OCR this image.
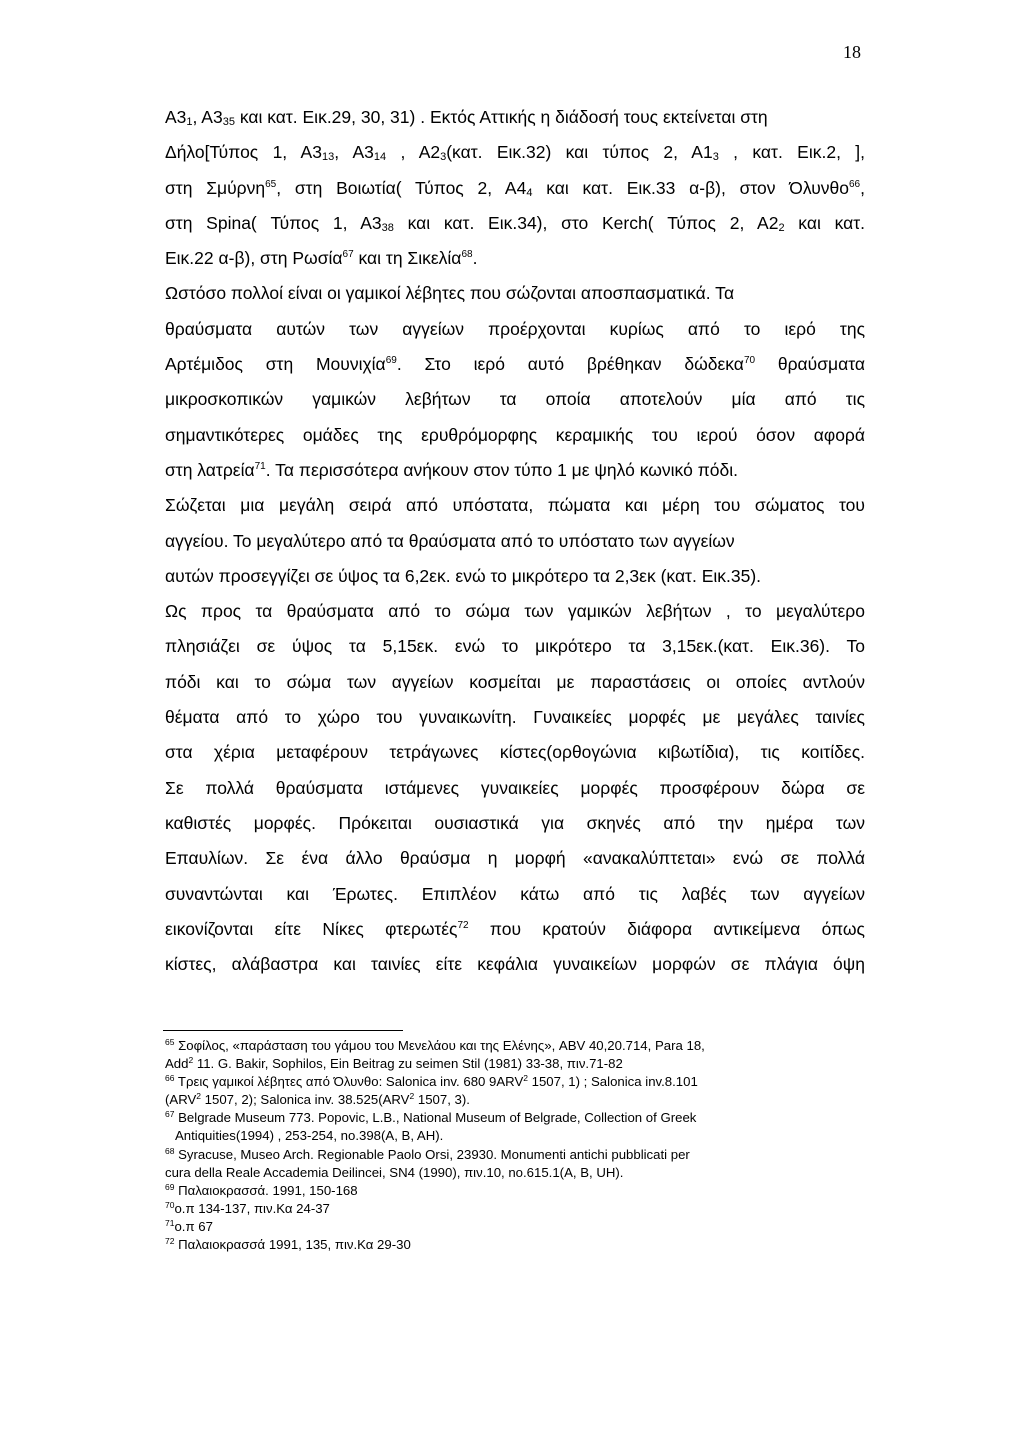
18
$A3_1$, $A3_{35}$ και κατ. Εικ.29, 30, 31) . Εκτός Αττικής η διάδοσή τους εκτείνεται στη
Δήλο[Τύπος 1, $A3_{13}$, $A3_{14}$ , $A2_3(\kappa\alpha\tau$. Εικ.32) και τύπος 2, $A1_3$ , κατ. Εικ.2, ],
στη Σμύρνη$^{65}$, στη Βοιωτία( Τύπος 2, $A4_4$ και κατ. Εικ.33 α-β), στον Όλυνθο$^{66}$,
στη Spina( Τύπος 1, $A3_{38}$ και κατ. Εικ.34), στο Kerch( Τύπος 2, $A2_2$ και κατ.
Εικ.22 α-β), στη Ρωσία$^{67}$ και τη Σικελία$^{68}$.
Ωστόσο πολλοί είναι οι γαμικοί λέβητες που σώζονται αποσπασματικά. Τα
θραύσματα αυτών των αγγείων προέρχονται κυρίως από το ιερό της
Αρτέμιδος στη Μουνιχία$^{69}$. Στο ιερό αυτό βρέθηκαν δώδεκα$^{70}$ θραύσματα
μικροσκοπικών γαμικών λεβήτων τα οποία αποτελούν μία από τις
σημαντικότερες ομάδες της ερυθρόμορφης κεραμικής του ιερού όσον αφορά
στη λατρεία$^{71}$. Τα περισσότερα ανήκουν στον τύπο 1 με ψηλό κωνικό πόδι.
Σώζεται μια μεγάλη σειρά από υπόστατα, πώματα και μέρη του σώματος του
αγγείου. Το μεγαλύτερο από τα θραύσματα από το υπόστατο των αγγείων
αυτών προσεγγίζει σε ύψος τα 6,2εκ. ενώ το μικρότερο τα 2,3εκ (κατ. Εικ.35).
Ως προς τα θραύσματα από το σώμα των γαμικών λεβήτων , το μεγαλύτερο
πλησιάζει σε ύψος τα 5,15εκ. ενώ το μικρότερο τα 3,15εκ.(κατ. Εικ.36). Το
πόδι και το σώμα των αγγείων κοσμείται με παραστάσεις οι οποίες αντλούν
θέματα από το χώρο του γυναικωνίτη. Γυναικείες μορφές με μεγάλες ταινίες
στα χέρια μεταφέρουν τετράγωνες κίστες(ορθογώνια κιβωτίδια), τις κοιτίδες.
Σε πολλά θραύσματα ιστάμενες γυναικείες μορφές προσφέρουν δώρα σε
καθιστές μορφές. Πρόκειται ουσιαστικά για σκηνές από την ημέρα των
Επαυλίων. Σε ένα άλλο θραύσμα η μορφή «ανακαλύπτεται» ενώ σε πολλά
συναντώνται και Έρωτες. Επιπλέον κάτω από τις λαβές των αγγείων
εικονίζονται είτε Νίκες φτερωτές$^{72}$ που κρατούν διάφορα αντικείμενα όπως
κίστες, αλάβαστρα και ταινίες είτε κεφάλια γυναικείων μορφών σε πλάγια όψη
$^{65}$ Σοφίλος, «παράσταση του γάμου του Μενελάου και της Ελένης», ABV 40,20.714, Para 18,
Add$^2$ 11. G. Bakir, Sophilos, Ein Beitrag zu seimen Stil (1981) 33-38, πιν.71-82
$^{66}$ Τρεις γαμικοί λέβητες από Όλυνθο: Salonica inv. 680 9ARV$^2$ 1507, 1) ; Salonica inv.8.101
(ARV$^2$ 1507, 2); Salonica inv. 38.525(ARV$^2$ 1507, 3).
$^{67}$ Belgrade Museum 773. Popovic, L.B., National Museum of Belgrade, Collection of Greek
Antiquities(1994) , 253-254, no.398(A, B, AH).
$^{68}$ Syracuse, Museo Arch. Regionable Paolo Orsi, 23930. Monumenti antichi pubblicati per
cura della Reale Accademia Deilincei, SN4 (1990), πιν.10, no.615.1(A, B, UH).
$^{69}$ Παλαιοκρασσά. 1991, 150-168
$^{70}$ο.π 134-137, πιν.Κα 24-37
$^{71}$ο.π 67
$^{72}$ Παλαιοκρασσά 1991, 135, πιν.Κα 29-30
